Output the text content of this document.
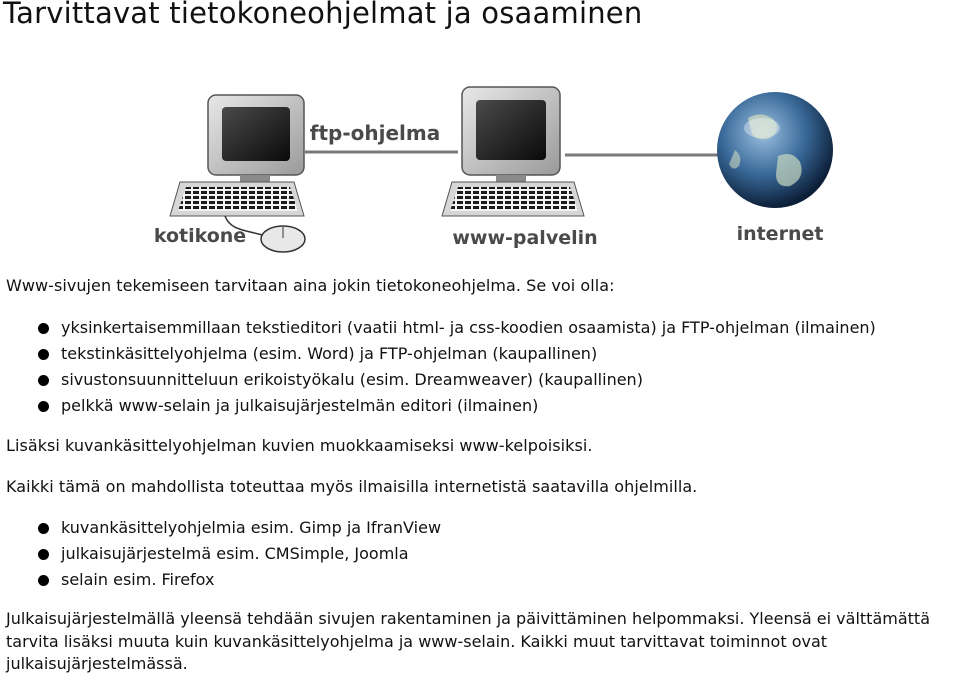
Tarvittavat tietokoneohjelmat ja osaaminen
ftp-ohjelma
kotikone	www-palvelin	internet
Www-sivujen tekemiseen tarvitaan aina jokin tietokoneohjelma. Se voi olla:
yksinkertaisemmillaan tekstieditori (vaatii html- ja css-koodien osaamista) ja FTP-ohjelman (ilmainen)
tekstinkäsittelyohjelma (esim. Word) ja FTP-ohjelman (kaupallinen)
sivustonsuunnitteluun erikoistyökalu (esim. Dreamweaver) (kaupallinen)
pelkkä www-selain ja julkaisujärjestelmän editori (ilmainen)
Lisäksi kuvankäsittelyohjelman kuvien muokkaamiseksi www-kelpoisiksi.
Kaikki tämä on mahdollista toteuttaa myös ilmaisilla internetistä saatavilla ohjelmilla.
kuvankäsittelyohjelmia esim. Gimp ja IfranView
julkaisujärjestelmä esim. CMSimple, Joomla
selain esim. Firefox
Julkaisujärjestelmällä yleensä tehdään sivujen rakentaminen ja päivittäminen helpommaksi. Yleensä ei välttämättä tarvita lisäksi muuta kuin kuvankäsittelyohjelma ja www-selain. Kaikki muut tarvittavat toiminnot ovat julkaisujärjestelmässä.
